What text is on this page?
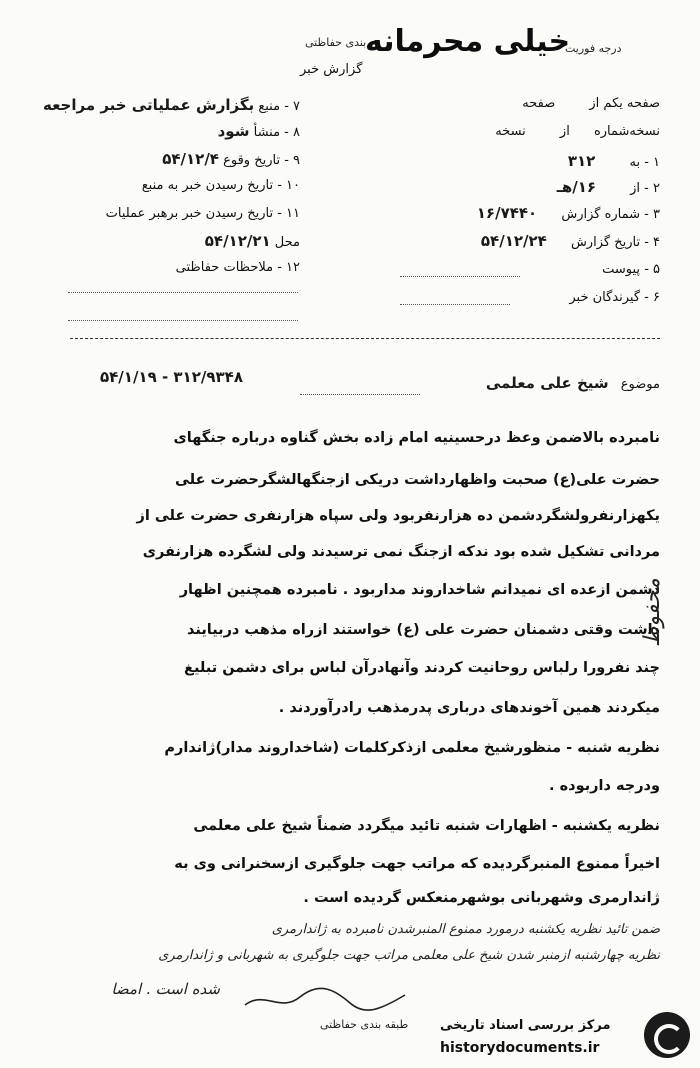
درجه فوریت
بندی حفاظتی
خیلی محرمانه
گزارش خبر
۷ - منبع بگزارش عملیاتی خبر مراجعه
۸ - منشأ شود
۹ - تاریخ وقوع ۵۴/۱۲/۴
۱۰ - تاریخ رسیدن خبر به منبع
۱۱ - تاریخ رسیدن خبر برهبر عملیات
محل ۵۴/۱۲/۲۱
۱۲ - ملاحظات حفاظتی
صفحه یکم از صفحه
نسخه‌شماره از نسخه
۱ - به ۳۱۲
۲ - از ۱۶/هـ
۳ - شماره گزارش ۱۶/۷۴۴۰
۴ - تاریخ گزارش ۵۴/۱۲/۲۴
۵ - پیوست
۶ - گیرندگان خبر
۵۴/۱/۱۹ - ۳۱۲/۹۳۴۸	موضوع شیخ علی معلمی
نامبرده بالاضمن وعظ درحسینیه امام زاده بخش گناوه درباره جنگهای
حضرت علی(ع) صحبت واظهارداشت دریکی ازجنگهالشگرحضرت علی
یکهزارنفرولشگردشمن ده هزارنفربود ولی سپاه هزارنفری حضرت علی از
مردانی تشکیل شده بود ندکه ازجنگ نمی ترسیدند ولی لشگرده هزارنفری
دشمن ازعده ای نمیدانم شاخداروند مداربود . نامبرده همچنین اظهار
داشت وقتی دشمنان حضرت علی (ع) خواستند ازراه مذهب دربیایند
چند نفرورا رلباس روحانیت کردند وآنهادرآن لباس برای دشمن تبلیغ
میکردند همین آخوندهای درباری پدرمذهب رادرآوردند .
نظریه شنبه - منظورشیخ معلمی ازذکرکلمات (شاخداروند مدار)ژاندارم
ودرجه داربوده .
نظریه یکشنبه - اظهارات شنبه تائید میگردد ضمناً شیخ علی معلمی
اخیراً ممنوع المنبرگردیده که مراتب جهت جلوگیری ازسخنرانی وی به
ژاندارمری وشهربانی بوشهرمنعکس گردیده است .
ضمن تائید نظریه یکشنبه درمورد ممنوع المنبرشدن نامبرده به ژاندارمری
نظریه چهارشنبه ازمنبر شدن شیخ علی معلمی مراتب جهت جلوگیری به شهربانی و ژاندارمری
شده است . امضا
محفوظ
طبقه بندی حفاظتی مرکز بررسی اسناد تاریخی
historydocuments.ir
